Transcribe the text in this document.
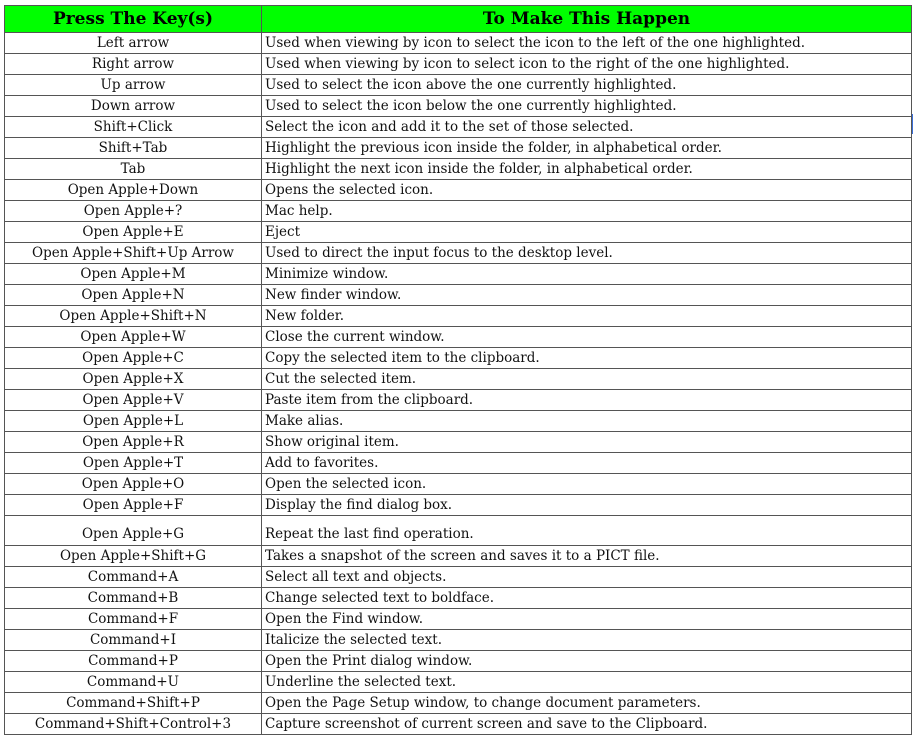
Press The Key(s)	To Make This Happen
Left arrow	Used when viewing by icon to select the icon to the left of the one highlighted.
Right arrow	Used when viewing by icon to select icon to the right of the one highlighted.
Up arrow	Used to select the icon above the one currently highlighted.
Down arrow	Used to select the icon below the one currently highlighted.
Shift+Click	Select the icon and add it to the set of those selected.
Shift+Tab	Highlight the previous icon inside the folder, in alphabetical order.
Tab	Highlight the next icon inside the folder, in alphabetical order.
Open Apple+Down	Opens the selected icon.
Open Apple+?	Mac help.
Open Apple+E	Eject
Open Apple+Shift+Up Arrow	Used to direct the input focus to the desktop level.
Open Apple+M	Minimize window.
Open Apple+N	New finder window.
Open Apple+Shift+N	New folder.
Open Apple+W	Close the current window.
Open Apple+C	Copy the selected item to the clipboard.
Open Apple+X	Cut the selected item.
Open Apple+V	Paste item from the clipboard.
Open Apple+L	Make alias.
Open Apple+R	Show original item.
Open Apple+T	Add to favorites.
Open Apple+O	Open the selected icon.
Open Apple+F	Display the find dialog box.
Open Apple+G	Repeat the last find operation.
Open Apple+Shift+G	Takes a snapshot of the screen and saves it to a PICT file.
Command+A	Select all text and objects.
Command+B	Change selected text to boldface.
Command+F	Open the Find window.
Command+I	Italicize the selected text.
Command+P	Open the Print dialog window.
Command+U	Underline the selected text.
Command+Shift+P	Open the Page Setup window, to change document parameters.
Command+Shift+Control+3	Capture screenshot of current screen and save to the Clipboard.
